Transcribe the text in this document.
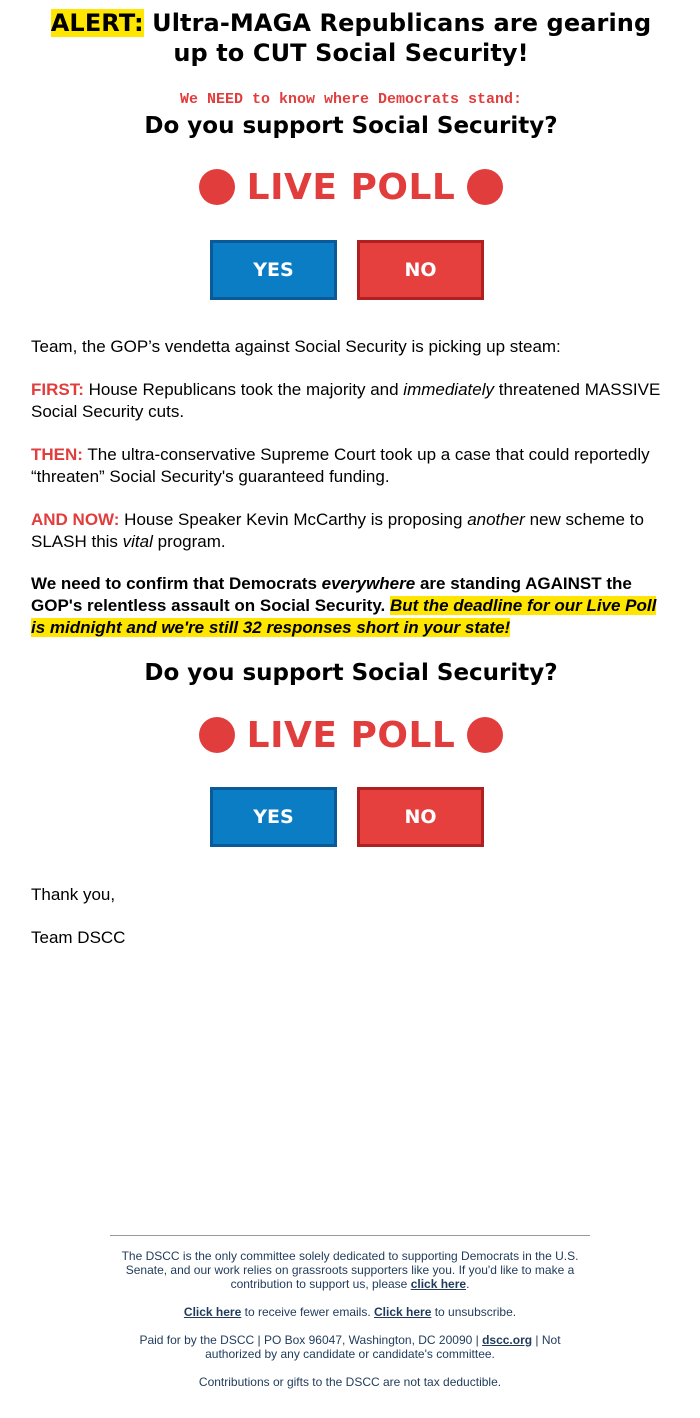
ALERT: Ultra-MAGA Republicans are gearing up to CUT Social Security!
We NEED to know where Democrats stand:
Do you support Social Security?
LIVE POLL
YES	NO
Team, the GOP’s vendetta against Social Security is picking up steam:
FIRST: House Republicans took the majority and immediately threatened MASSIVE Social Security cuts.
THEN: The ultra-conservative Supreme Court took up a case that could reportedly “threaten” Social Security's guaranteed funding.
AND NOW: House Speaker Kevin McCarthy is proposing another new scheme to SLASH this vital program.
We need to confirm that Democrats everywhere are standing AGAINST the GOP's relentless assault on Social Security. But the deadline for our Live Poll is midnight and we're still 32 responses short in your state!
Do you support Social Security?
LIVE POLL
YES	NO
Thank you,
Team DSCC

The DSCC is the only committee solely dedicated to supporting Democrats in the U.S. Senate, and our work relies on grassroots supporters like you. If you'd like to make a contribution to support us, please click here.

Click here to receive fewer emails. Click here to unsubscribe.

Paid for by the DSCC | PO Box 96047, Washington, DC 20090 | dscc.org | Not authorized by any candidate or candidate's committee.

Contributions or gifts to the DSCC are not tax deductible.
